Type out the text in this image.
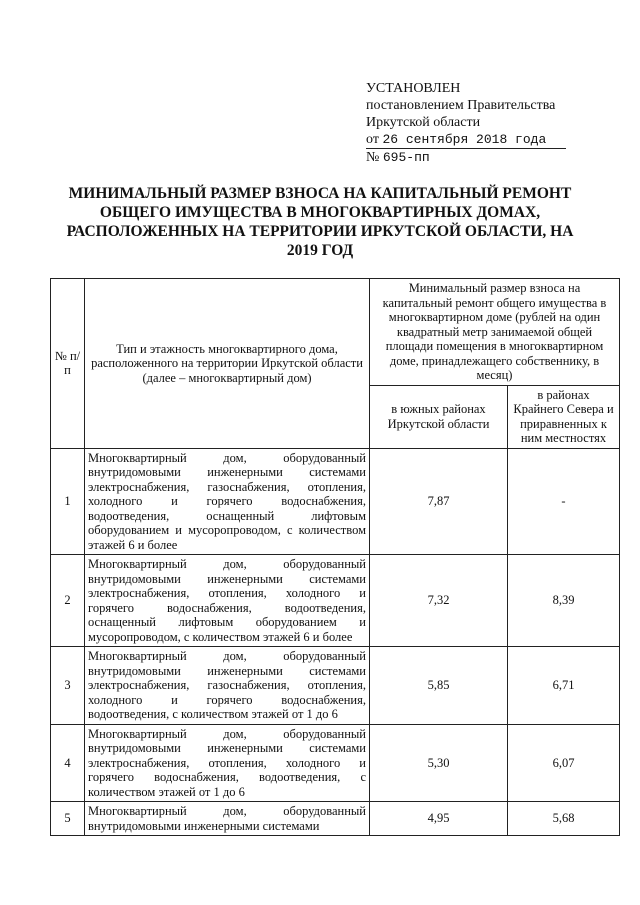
УСТАНОВЛЕН
постановлением Правительства
Иркутской области
от 26 сентября 2018 года
№ 695-пп
МИНИМАЛЬНЫЙ РАЗМЕР ВЗНОСА НА КАПИТАЛЬНЫЙ РЕМОНТ ОБЩЕГО ИМУЩЕСТВА В МНОГОКВАРТИРНЫХ ДОМАХ, РАСПОЛОЖЕННЫХ НА ТЕРРИТОРИИ ИРКУТСКОЙ ОБЛАСТИ, НА 2019 ГОД
№ п/п	Тип и этажность многоквартирного дома, расположенного на территории Иркутской области (далее – многоквартирный дом)	Минимальный размер взноса на капитальный ремонт общего имущества в многоквартирном доме (рублей на один квадратный метр занимаемой общей площади помещения в многоквартирном доме, принадлежащего собственнику, в месяц)	
		в южных районах Иркутской области	в районах Крайнего Севера и приравненных к ним местностях
1	Многоквартирный дом, оборудованный внутридомовыми инженерными системами электроснабжения, газоснабжения, отопления, холодного и горячего водоснабжения, водоотведения, оснащенный лифтовым оборудованием и мусоропроводом, с количеством этажей 6 и более	7,87	-
2	Многоквартирный дом, оборудованный внутридомовыми инженерными системами электроснабжения, отопления, холодного и горячего водоснабжения, водоотведения, оснащенный лифтовым оборудованием и мусоропроводом, с количеством этажей 6 и более	7,32	8,39
3	Многоквартирный дом, оборудованный внутридомовыми инженерными системами электроснабжения, газоснабжения, отопления, холодного и горячего водоснабжения, водоотведения, с количеством этажей от 1 до 6	5,85	6,71
4	Многоквартирный дом, оборудованный внутридомовыми инженерными системами электроснабжения, отопления, холодного и горячего водоснабжения, водоотведения, с количеством этажей от 1 до 6	5,30	6,07
5	Многоквартирный дом, оборудованный внутридомовыми инженерными системами	4,95	5,68
